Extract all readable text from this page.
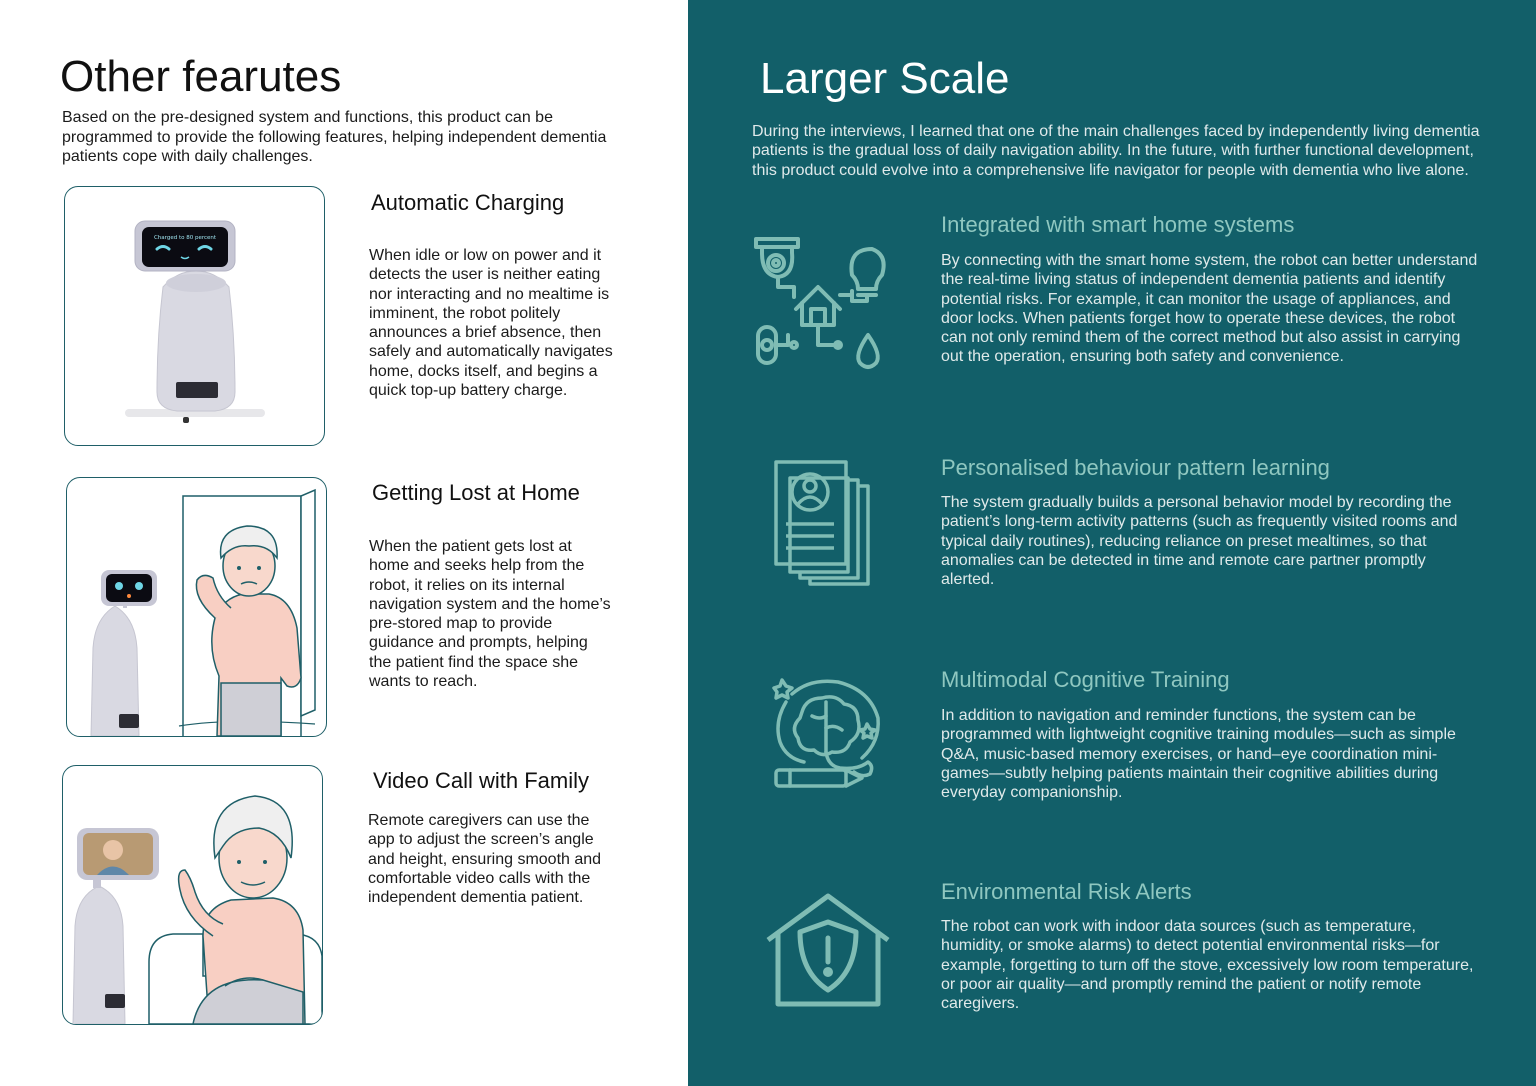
Other fearutes

Based on the pre-designed system and functions, this product can be programmed to provide the following features, helping independent dementia patients cope with daily challenges.

Charged to 80 percent
Automatic Charging

When idle or low on power and it detects the user is neither eating nor interacting and no mealtime is imminent, the robot politely announces a brief absence, then safely and automatically navigates home, docks itself, and begins a quick top-up battery charge.

Getting Lost at Home

When the patient gets lost at home and seeks help from the robot, it relies on its internal navigation system and the home’s pre-stored map to provide guidance and prompts, helping the patient find the space she wants to reach.

Video Call with Family

Remote caregivers can use the app to adjust the screen’s angle and height, ensuring smooth and comfortable video calls with the independent dementia patient.

Larger Scale

During the interviews, I learned that one of the main challenges faced by independently living dementia patients is the gradual loss of daily navigation ability. In the future, with further functional development, this product could evolve into a comprehensive life navigator for people with dementia who live alone.

Integrated with smart home systems

By connecting with the smart home system, the robot can better understand the real-time living status of independent dementia patients and identify potential risks. For example, it can monitor the usage of appliances, and door locks. When patients forget how to operate these devices, the robot can not only remind them of the correct method but also assist in carrying out the operation, ensuring both safety and convenience.

Personalised behaviour pattern learning

The system gradually builds a personal behavior model by recording the patient’s long-term activity patterns (such as frequently visited rooms and typical daily routines), reducing reliance on preset mealtimes, so that anomalies can be detected in time and remote care partner promptly alerted.

Multimodal Cognitive Training

In addition to navigation and reminder functions, the system can be programmed with lightweight cognitive training modules—such as simple Q&A, music-based memory exercises, or hand–eye coordination mini-games—subtly helping patients maintain their cognitive abilities during everyday companionship.

Environmental Risk Alerts

The robot can work with indoor data sources (such as temperature, humidity, or smoke alarms) to detect potential environmental risks—for example, forgetting to turn off the stove, excessively low room temperature, or poor air quality—and promptly remind the patient or notify remote caregivers.
